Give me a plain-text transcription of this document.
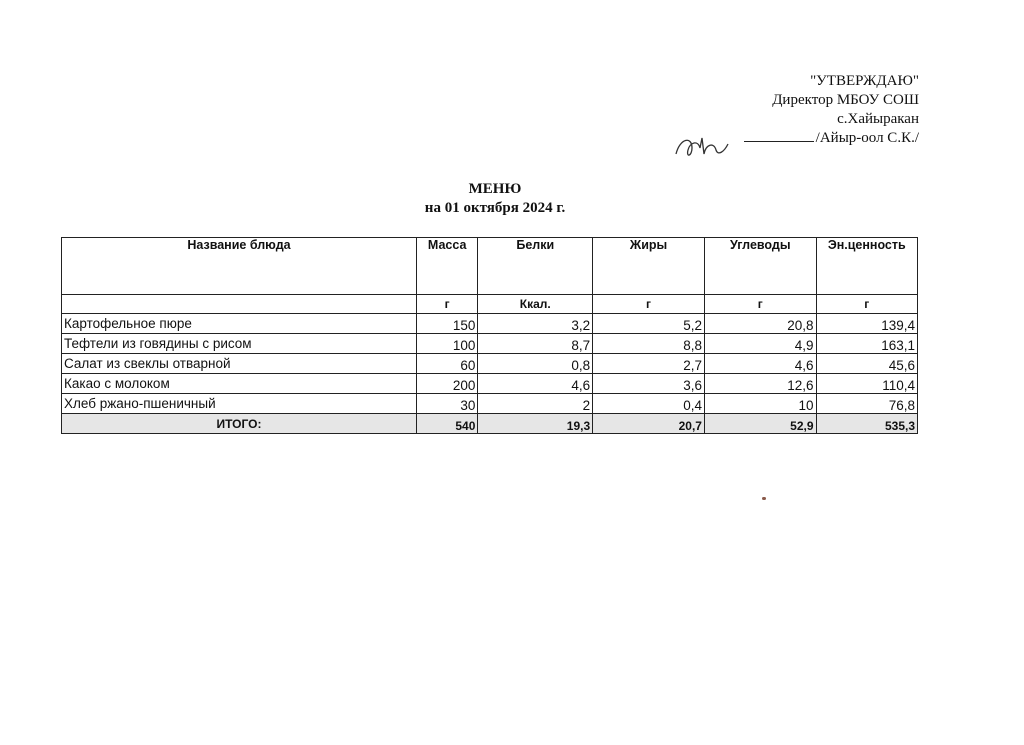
"УТВЕРЖДАЮ"
Директор МБОУ СОШ
с.Хайыракан
/Айыр-оол С.К./
МЕНЮ
на 01 октября 2024 г.
Название блюда	Масса	Белки	Жиры	Углеводы	Эн.ценность
	г	Ккал.	г	г	г
Картофельное пюре	150	3,2	5,2	20,8	139,4
Тефтели из говядины с рисом	100	8,7	8,8	4,9	163,1
Салат из свеклы отварной	60	0,8	2,7	4,6	45,6
Какао с молоком	200	4,6	3,6	12,6	110,4
Хлеб ржано-пшеничный	30	2	0,4	10	76,8
ИТОГО:	540	19,3	20,7	52,9	535,3
